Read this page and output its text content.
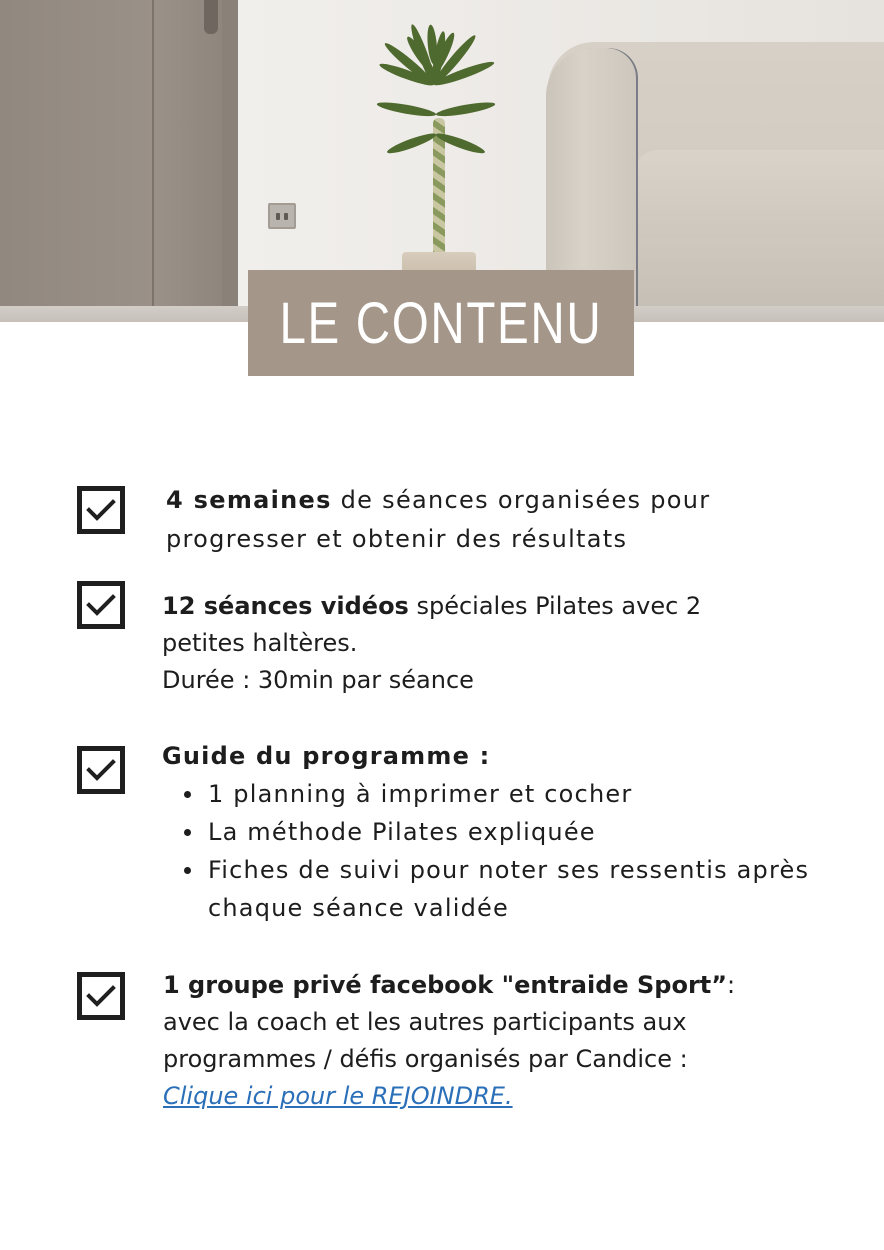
LE CONTENU
4 semaines de séances organisées pour
progresser et obtenir des résultats
12 séances vidéos spéciales Pilates avec 2
petites haltères.
Durée : 30min par séance
Guide du programme :
1 planning à imprimer et cocher
La méthode Pilates expliquée
Fiches de suivi pour noter ses ressentis après
chaque séance validée
1 groupe privé facebook "entraide Sport”:
avec la coach et les autres participants aux
programmes / défis organisés par Candice :
Clique ici pour le REJOINDRE.
